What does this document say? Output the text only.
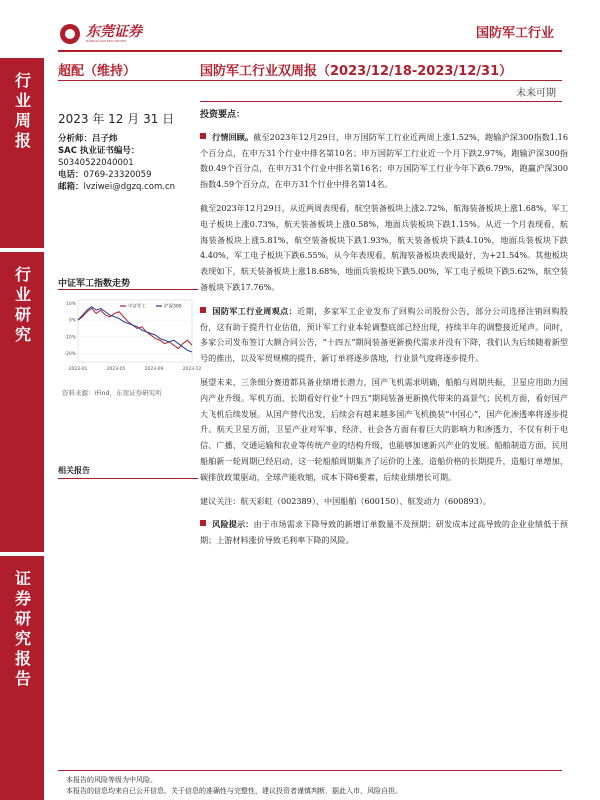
东莞证券
DONGGUAN SECURITIES	国防军工行业
行业周报
行业研究
证券研究报告
超配（维持）	国防军工行业双周报（2023/12/18-2023/12/31）
未来可期
2023 年 12 月 31 日
分析师：吕子炜
SAC 执业证书编号：
S0340522040001
电话：0769-23320059
邮箱：lvziwei@dgzq.com.cn
中证军工指数走势
10%
0%
-10%
-20%
2023-01	2023-05	2023-09	2023-12
中证军工	沪深300
资料来源：iFind，东莞证券研究所
相关报告
投资要点：

行情回顾。截至2023年12月29日，申万国防军工行业近两周上涨1.52%，跑输沪深300指数1.16个百分点，在申万31个行业中排名第10名；申万国防军工行业近一个月下跌2.97%，跑输沪深300指数0.49个百分点，在申万31个行业中排名第16名；申万国防军工行业今年下跌6.79%，跑赢沪深300指数4.59个百分点，在申万31个行业中排名第14名。

截至2023年12月29日，从近两周表现看，航空装备板块上涨2.72%，航海装备板块上涨1.68%，军工电子板块上涨0.73%，航天装备板块上涨0.58%，地面兵装板块下跌1.15%。从近一个月表现看，航海装备板块上涨5.81%，航空装备板块下跌1.93%，航天装备板块下跌4.10%，地面兵装板块下跌4.40%，军工电子板块下跌6.55%。从今年表现看，航海装备板块表现最好，为+21.54%。其他板块表现如下，航天装备板块上涨18.68%，地面兵装板块下跌5.00%，军工电子板块下跌5.62%，航空装备板块下跌17.76%。

国防军工行业周观点：近期，多家军工企业发布了回购公司股份公告，部分公司选择注销回购股份，这有助于提升行业估值，预计军工行业本轮调整底部已经出现，持续半年的调整接近尾声。同时，多家公司发布签订大额合同公告，“十四五”期间装备更新换代需求并没有下降，我们认为后续随着新型号的推出，以及军贸规模的提升，新订单将逐步落地，行业景气度将逐步提升。

展望未来，三条细分赛道都具备业绩增长潜力，国产飞机需求明确，船舶与周期共振，卫星应用助力国内产业升级。军机方面，长期看好行业“十四五”期间装备更新换代带来的高景气；民机方面，看好国产大飞机后续发展。从国产替代出发，后续会有越来越多国产飞机换装“中国心”，国产化渗透率将逐步提升。航天卫星方面，卫星产业对军事、经济、社会各方面有着巨大的影响力和渗透力，不仅有利于电信、广播、交通运输和农业等传统产业的结构升级，也能够加速新兴产业的发展。船舶制造方面，民用船舶新一轮周期已经启动，这一轮船舶周期集齐了运价的上涨，造船价格的长期提升，造船订单增加，碳排放政策驱动，全球产能收缩，成本下降6要素，后续业绩增长可期。

建议关注：航天彩虹（002389）、中国船舶（600150）、航发动力（600893）。

风险提示：由于市场需求下降导致的新增订单数量不及预期；研发成本过高导致的企业业绩低于预期；上游材料涨价导致毛利率下降的风险。

本报告的风险等级为中风险。
本报告的信息均来自已公开信息，关于信息的准确性与完整性，建议投资者谨慎判断，据此入市，风险自担。
